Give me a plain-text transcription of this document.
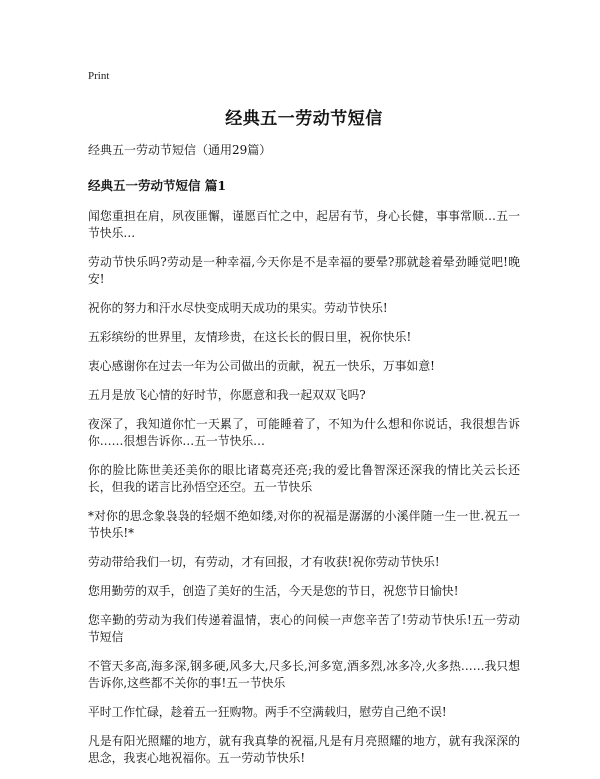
Print
经典五一劳动节短信
经典五一劳动节短信（通用29篇）
经典五一劳动节短信 篇1

闻您重担在肩，夙夜匪懈，谨愿百忙之中，起居有节，身心长健，事事常顺…五一节快乐…

劳动节快乐吗?劳动是一种幸福,今天你是不是幸福的要晕?那就趁着晕劲睡觉吧!晚安!

祝你的努力和汗水尽快变成明天成功的果实。劳动节快乐!

五彩缤纷的世界里，友情珍贵，在这长长的假日里，祝你快乐!

衷心感谢你在过去一年为公司做出的贡献，祝五一快乐，万事如意!

五月是放飞心情的好时节，你愿意和我一起双双飞吗?

夜深了，我知道你忙一天累了，可能睡着了，不知为什么想和你说话，我很想告诉你……很想告诉你…五一节快乐…

你的脸比陈世美还美你的眼比诸葛亮还亮;我的爱比鲁智深还深我的情比关云长还长，但我的诺言比孙悟空还空。五一节快乐

*对你的思念象袅袅的轻烟不绝如缕,对你的祝福是潺潺的小溪伴随一生一世.祝五一节快乐!*

劳动带给我们一切，有劳动，才有回报，才有收获!祝你劳动节快乐!

您用勤劳的双手，创造了美好的生活，今天是您的节日，祝您节日愉快!

您辛勤的劳动为我们传递着温情，衷心的问候一声您辛苦了!劳动节快乐!五一劳动节短信

不管天多高,海多深,钢多硬,风多大,尺多长,河多宽,酒多烈,冰多冷,火多热……我只想告诉你,这些都不关你的事!五一节快乐

平时工作忙碌，趁着五一狂购物。两手不空满载归，慰劳自己绝不误!

凡是有阳光照耀的地方，就有我真挚的祝福,凡是有月亮照耀的地方，就有我深深的思念，我衷心地祝福你。五一劳动节快乐!
